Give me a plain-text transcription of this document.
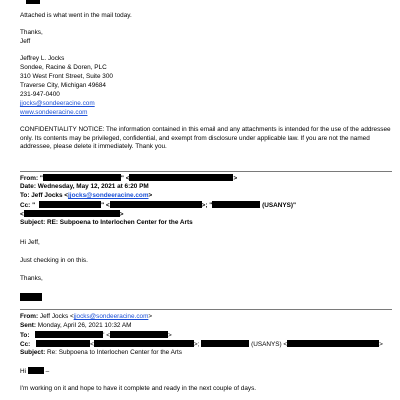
Attached is what went in the mail today.
Thanks,
Jeff
Jeffrey L. Jocks
Sondee, Racine & Doren, PLC
310 West Front Street, Suite 300
Traverse City, Michigan 49684
231-947-0400
jjocks@sondeeracine.com
www.sondeeracine.com
CONFIDENTIALITY NOTICE: The information contained in this email and any attachments is intended for the use of the addressee only. Its contents may be privileged, confidential, and exempt from disclosure under applicable law. If you are not the named addressee, please delete it immediately. Thank you.
From: "	" <	>
Date: Wednesday, May 12, 2021 at 6:20 PM
To: Jeff Jocks <jjocks@sondeeracine.com>
Cc: "	" <	>; "	(USANYS)"
<	>
Subject: RE: Subpoena to Interlochen Center for the Arts
Hi Jeff,
Just checking in on this.
Thanks,
From: Jeff Jocks <jjocks@sondeeracine.com>
Sent: Monday, April 26, 2021 10:32 AM
To:	' <	>
Cc:	<	>;	(USANYS) <	>
Subject: Re: Subpoena to Interlochen Center for the Arts
Hi	–
I'm working on it and hope to have it complete and ready in the next couple of days.
